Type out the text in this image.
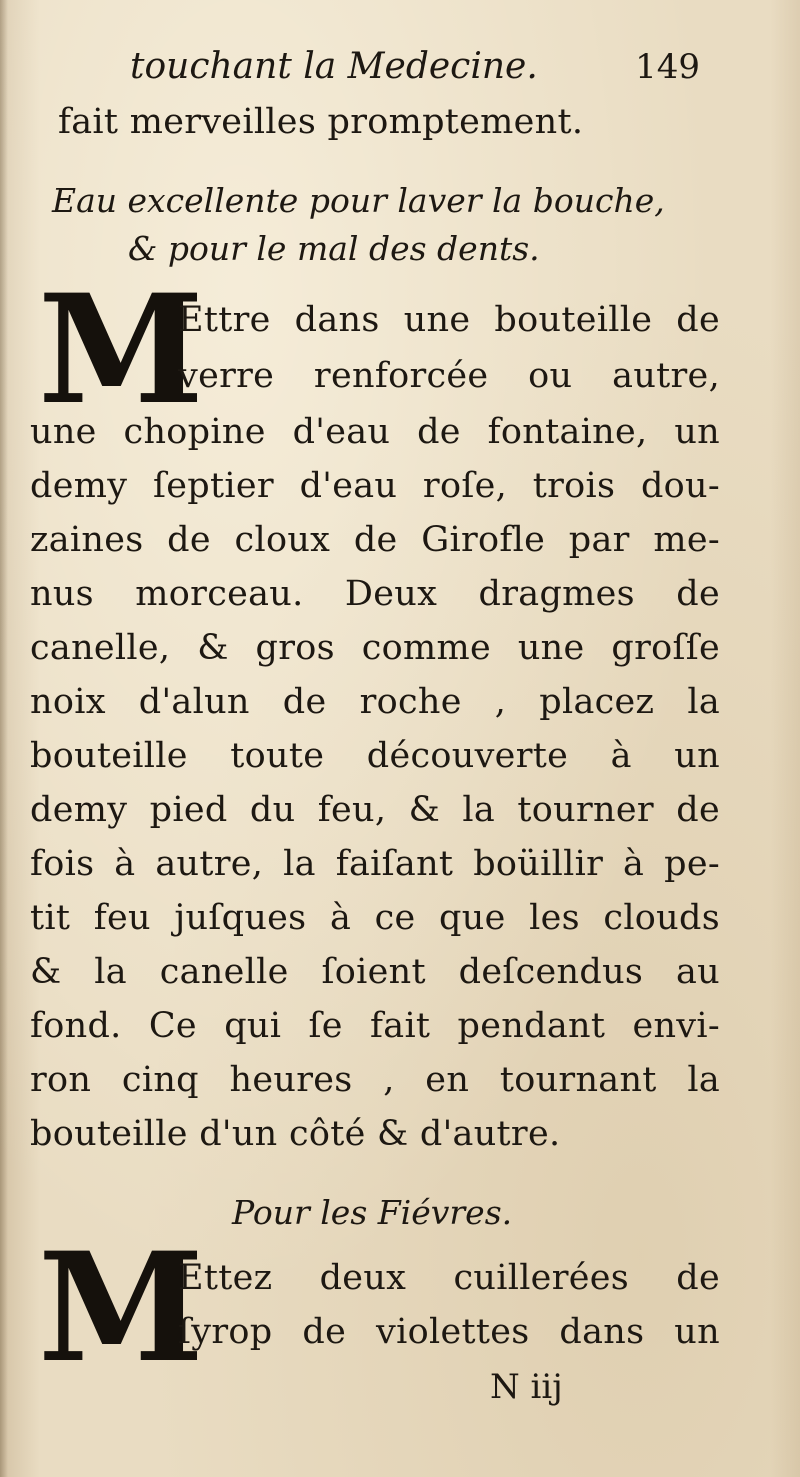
touchant la Medecine.	149
fait merveilles promptement.
Eau excellente pour laver la bouche,
& pour le mal des dents.
M
Ettre dans une bouteille de
verre renforcée ou autre,
une chopine d'eau de fontaine, un
demy ſeptier d'eau roſe, trois dou-
zaines de cloux de Girofle par me-
nus morceau. Deux dragmes de
canelle, & gros comme une groſſe
noix d'alun de roche , placez la
bouteille toute découverte à un
demy pied du feu, & la tourner de
fois à autre, la faiſant boüillir à pe-
tit feu juſques à ce que les clouds
& la canelle ſoient deſcendus au
fond. Ce qui ſe fait pendant envi-
ron cinq heures , en tournant la
bouteille d'un côté & d'autre.
Pour les Fiévres.
M
Ettez deux cuillerées de
ſyrop de violettes dans un
N iij
